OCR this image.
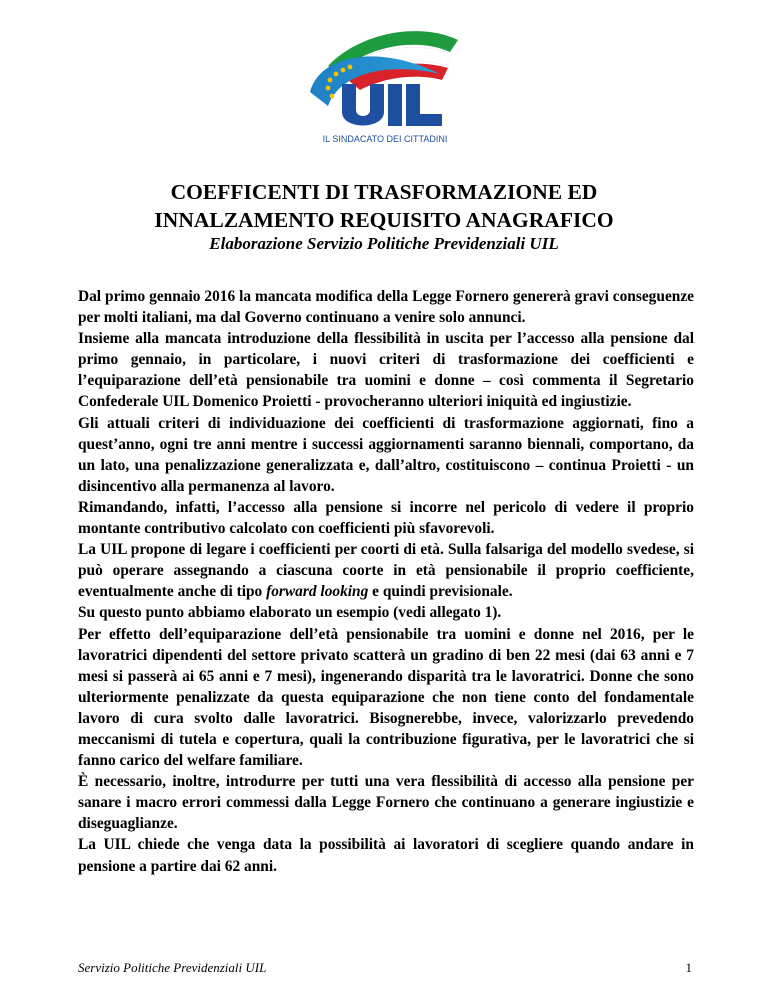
IL SINDACATO DEI CITTADINI
COEFFICENTI DI TRASFORMAZIONE ED
INNALZAMENTO REQUISITO ANAGRAFICO
Elaborazione Servizio Politiche Previdenziali UIL

Dal primo gennaio 2016 la mancata modifica della Legge Fornero genererà gravi conseguenze per molti italiani, ma dal Governo continuano a venire solo annunci.

Insieme alla mancata introduzione della flessibilità in uscita per l’accesso alla pensione dal primo gennaio, in particolare, i nuovi criteri di trasformazione dei coefficienti e l’equiparazione dell’età pensionabile tra uomini e donne – così commenta il Segretario Confederale UIL Domenico Proietti - provocheranno ulteriori iniquità ed ingiustizie.

Gli attuali criteri di individuazione dei coefficienti di trasformazione aggiornati, fino a quest’anno, ogni tre anni mentre i successi aggiornamenti saranno biennali, comportano, da un lato, una penalizzazione generalizzata e, dall’altro, costituiscono – continua Proietti - un disincentivo alla permanenza al lavoro.

Rimandando, infatti, l’accesso alla pensione si incorre nel pericolo di vedere il proprio montante contributivo calcolato con coefficienti più sfavorevoli.

La UIL propone di legare i coefficienti per coorti di età. Sulla falsariga del modello svedese, si può operare assegnando a ciascuna coorte in età pensionabile il proprio coefficiente, eventualmente anche di tipo forward looking e quindi previsionale.

Su questo punto abbiamo elaborato un esempio (vedi allegato 1).

Per effetto dell’equiparazione dell’età pensionabile tra uomini e donne nel 2016, per le lavoratrici dipendenti del settore privato scatterà un gradino di ben 22 mesi (dai 63 anni e 7 mesi si passerà ai 65 anni e 7 mesi), ingenerando disparità tra le lavoratrici. Donne che sono ulteriormente penalizzate da questa equiparazione che non tiene conto del fondamentale lavoro di cura svolto dalle lavoratrici. Bisognerebbe, invece, valorizzarlo prevedendo meccanismi di tutela e copertura, quali la contribuzione figurativa, per le lavoratrici che si fanno carico del welfare familiare.

È necessario, inoltre, introdurre per tutti una vera flessibilità di accesso alla pensione per sanare i macro errori commessi dalla Legge Fornero che continuano a generare ingiustizie e diseguaglianze.

La UIL chiede che venga data la possibilità ai lavoratori di scegliere quando andare in pensione a partire dai 62 anni.

Servizio Politiche Previdenziali UIL	1
